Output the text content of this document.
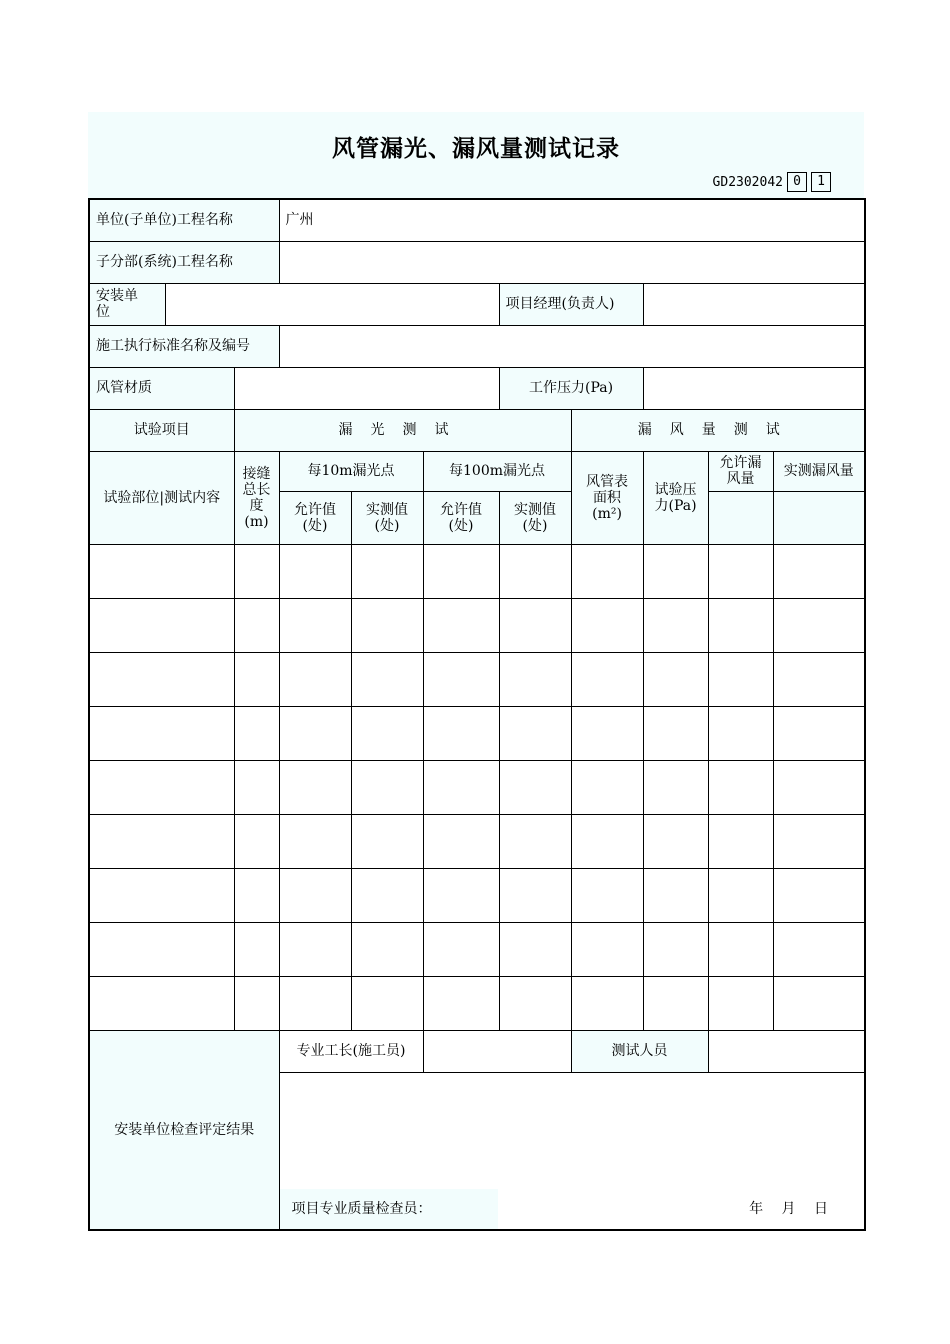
风管漏光、漏风量测试记录
GD2302042 0	1
单位(子单位)工程名称			广州							
子分部(系统)工程名称										
安装单位						项目经理(负责人)				
施工执行标准名称及编号										
风管材质						工作压力(Pa)				
试验项目		漏光测试					漏风量测试			
试验部位|测试内容		接缝总长度(m)	每10m漏光点		每100m漏光点		风管表面积(m²)	试验压力(Pa)	允许漏风量	实测漏风量
			允许值(处)	实测值(处)	允许值(处)	实测值(处)				

安装单位检查评定结果			专业工长(施工员)				测试人员			

			项目专业质量检查员： 年 月 日							
